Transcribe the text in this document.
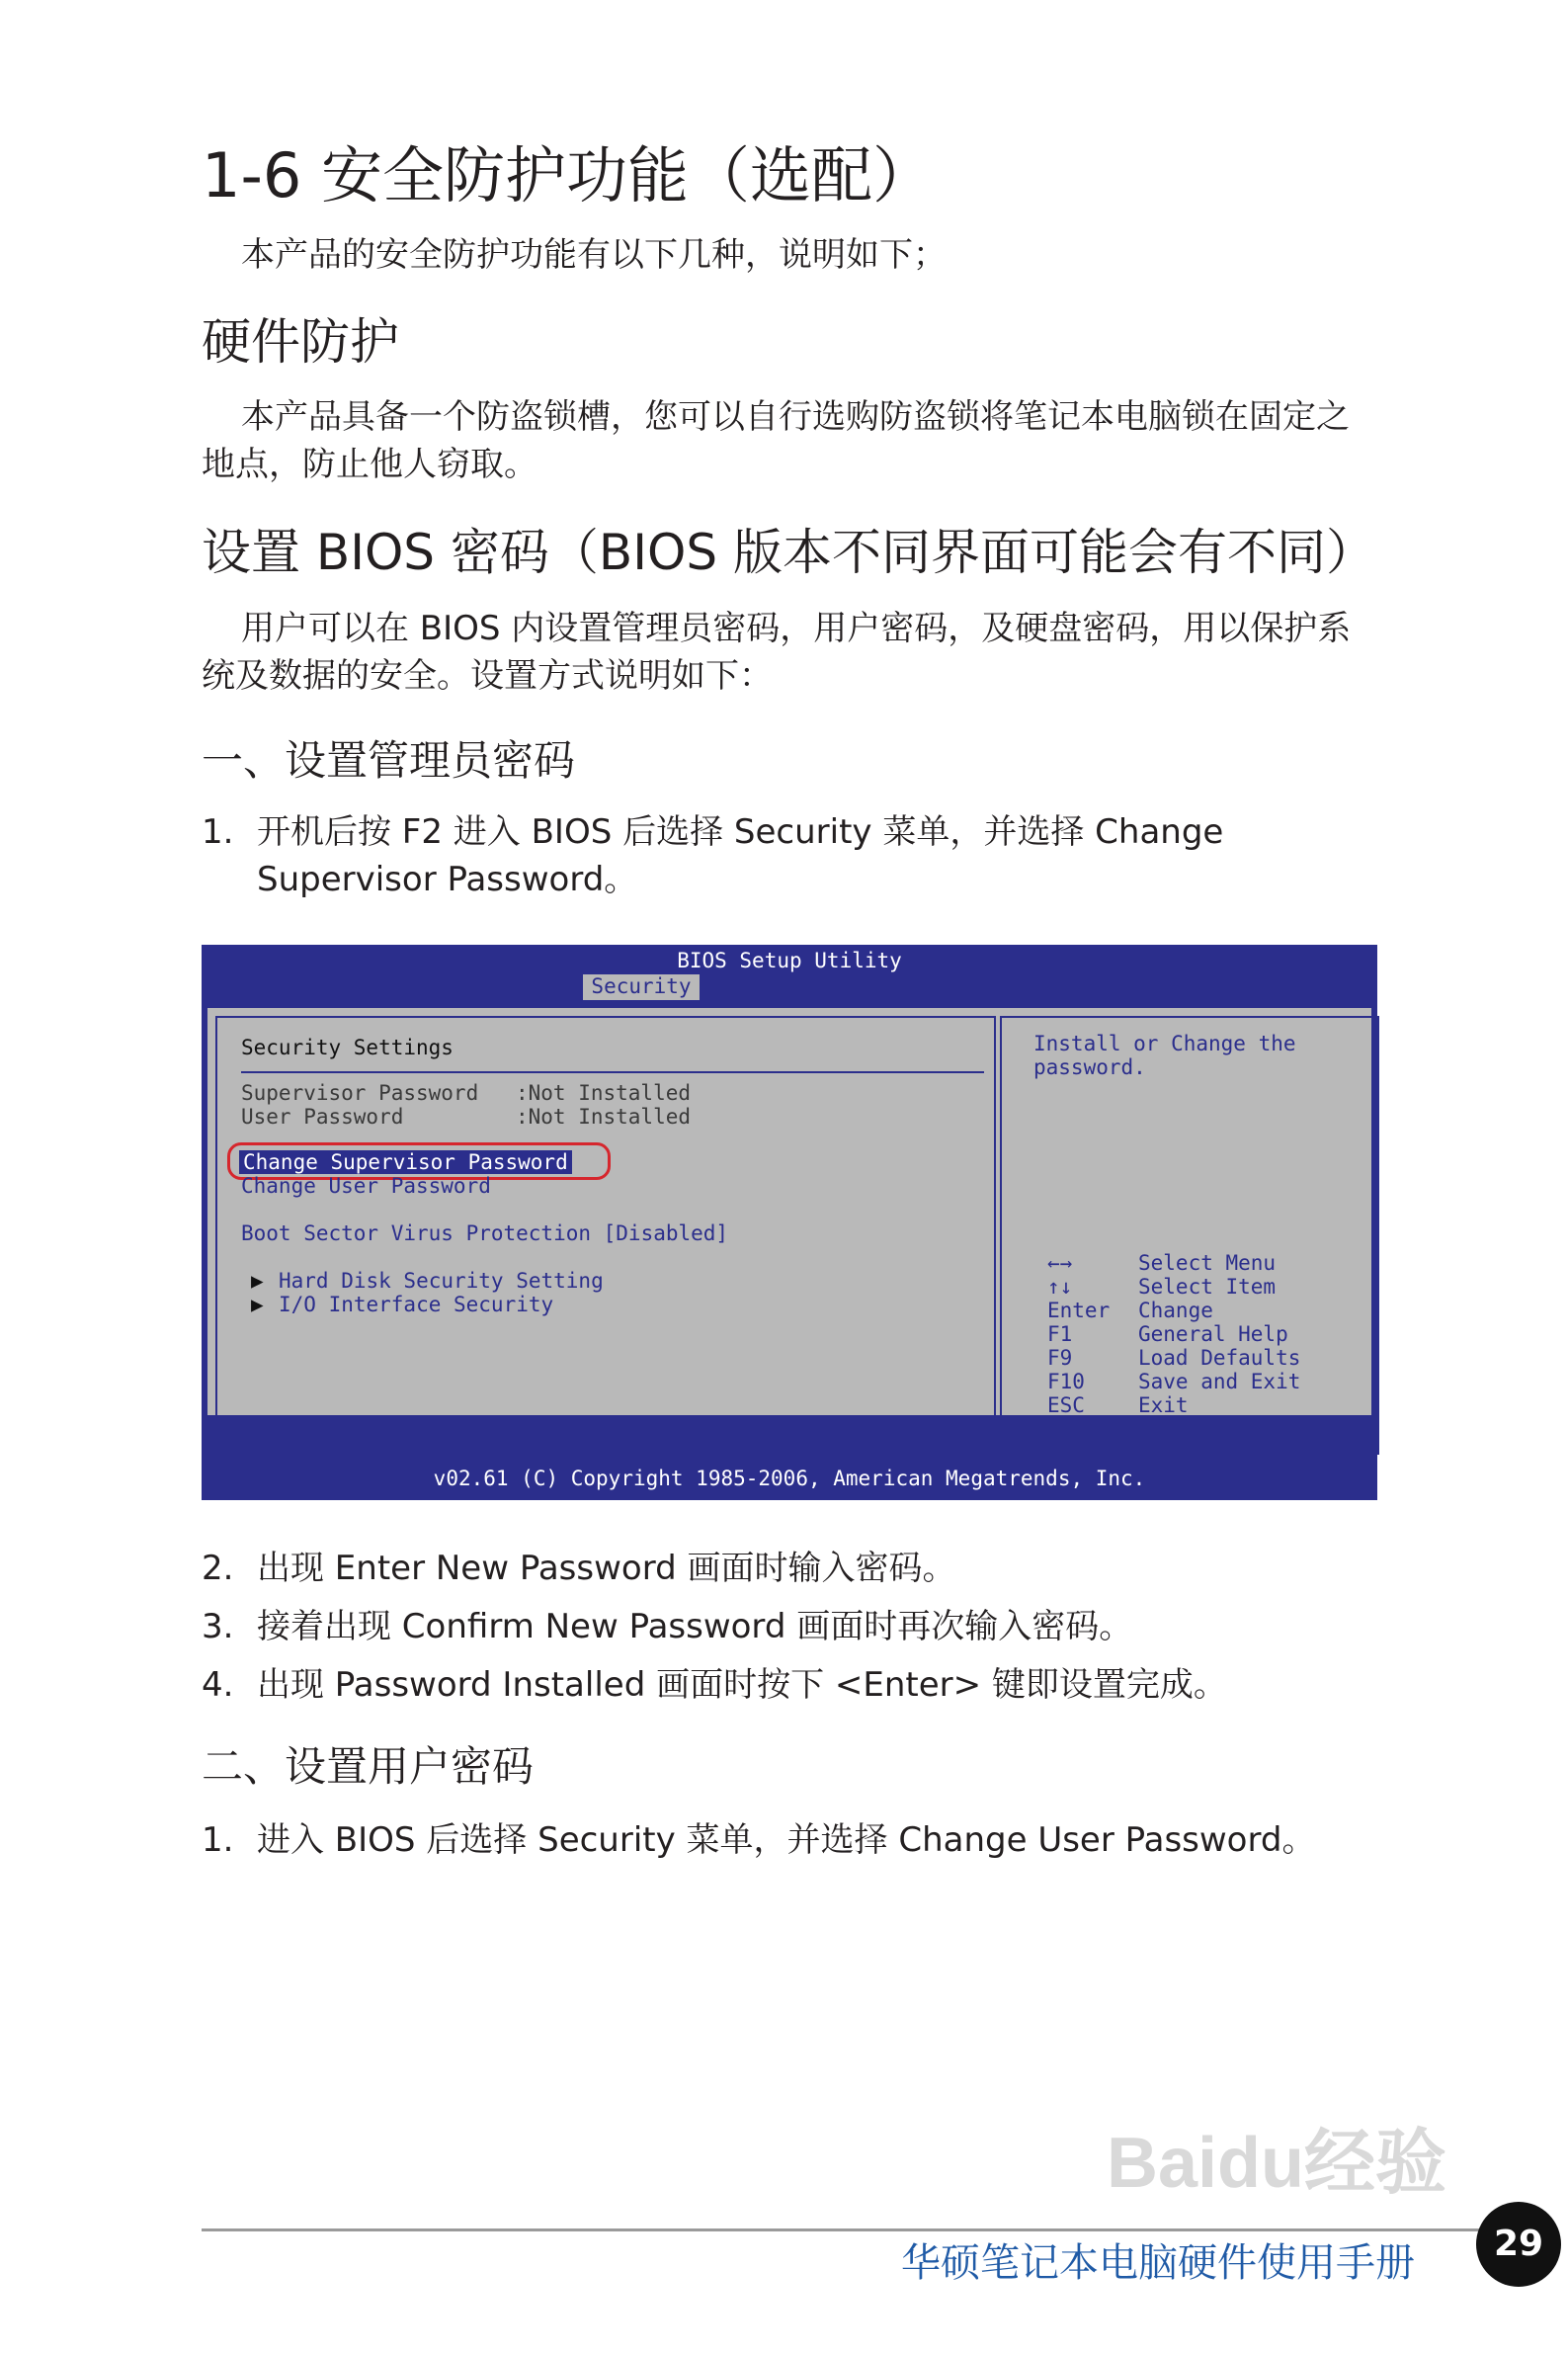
1-6 安全防护功能（选配）
本产品的安全防护功能有以下几种，说明如下；
硬件防护
本产品具备一个防盗锁槽，您可以自行选购防盗锁将笔记本电脑锁在固定之地点，防止他人窃取。
设置 BIOS 密码（BIOS 版本不同界面可能会有不同）
用户可以在 BIOS 内设置管理员密码，用户密码，及硬盘密码，用以保护系统及数据的安全。设置方式说明如下：
一、设置管理员密码
1. 开机后按 F2 进入 BIOS 后选择 Security 菜单，并选择 Change Supervisor Password。
BIOS Setup Utility
Security
Security Settings
Supervisor Password :Not Installed
User Password	:Not Installed
Change Supervisor Password
Change User Password
Boot Sector Virus Protection [Disabled]
▶ Hard Disk Security Setting
▶ I/O Interface Security
Install or Change the
password.
←→	Select Menu
↑↓	Select Item
Enter Change
F1	General Help
F9	Load Defaults
F10	Save and Exit
ESC	Exit
v02.61 (C) Copyright 1985-2006, American Megatrends, Inc.
2. 出现 Enter New Password 画面时输入密码。
3. 接着出现 Confirm New Password 画面时再次输入密码。
4. 出现 Password Installed 画面时按下 <Enter> 键即设置完成。
二、设置用户密码
1. 进入 BIOS 后选择 Security 菜单，并选择 Change User Password。
Baidu经验
华硕笔记本电脑硬件使用手册	29
